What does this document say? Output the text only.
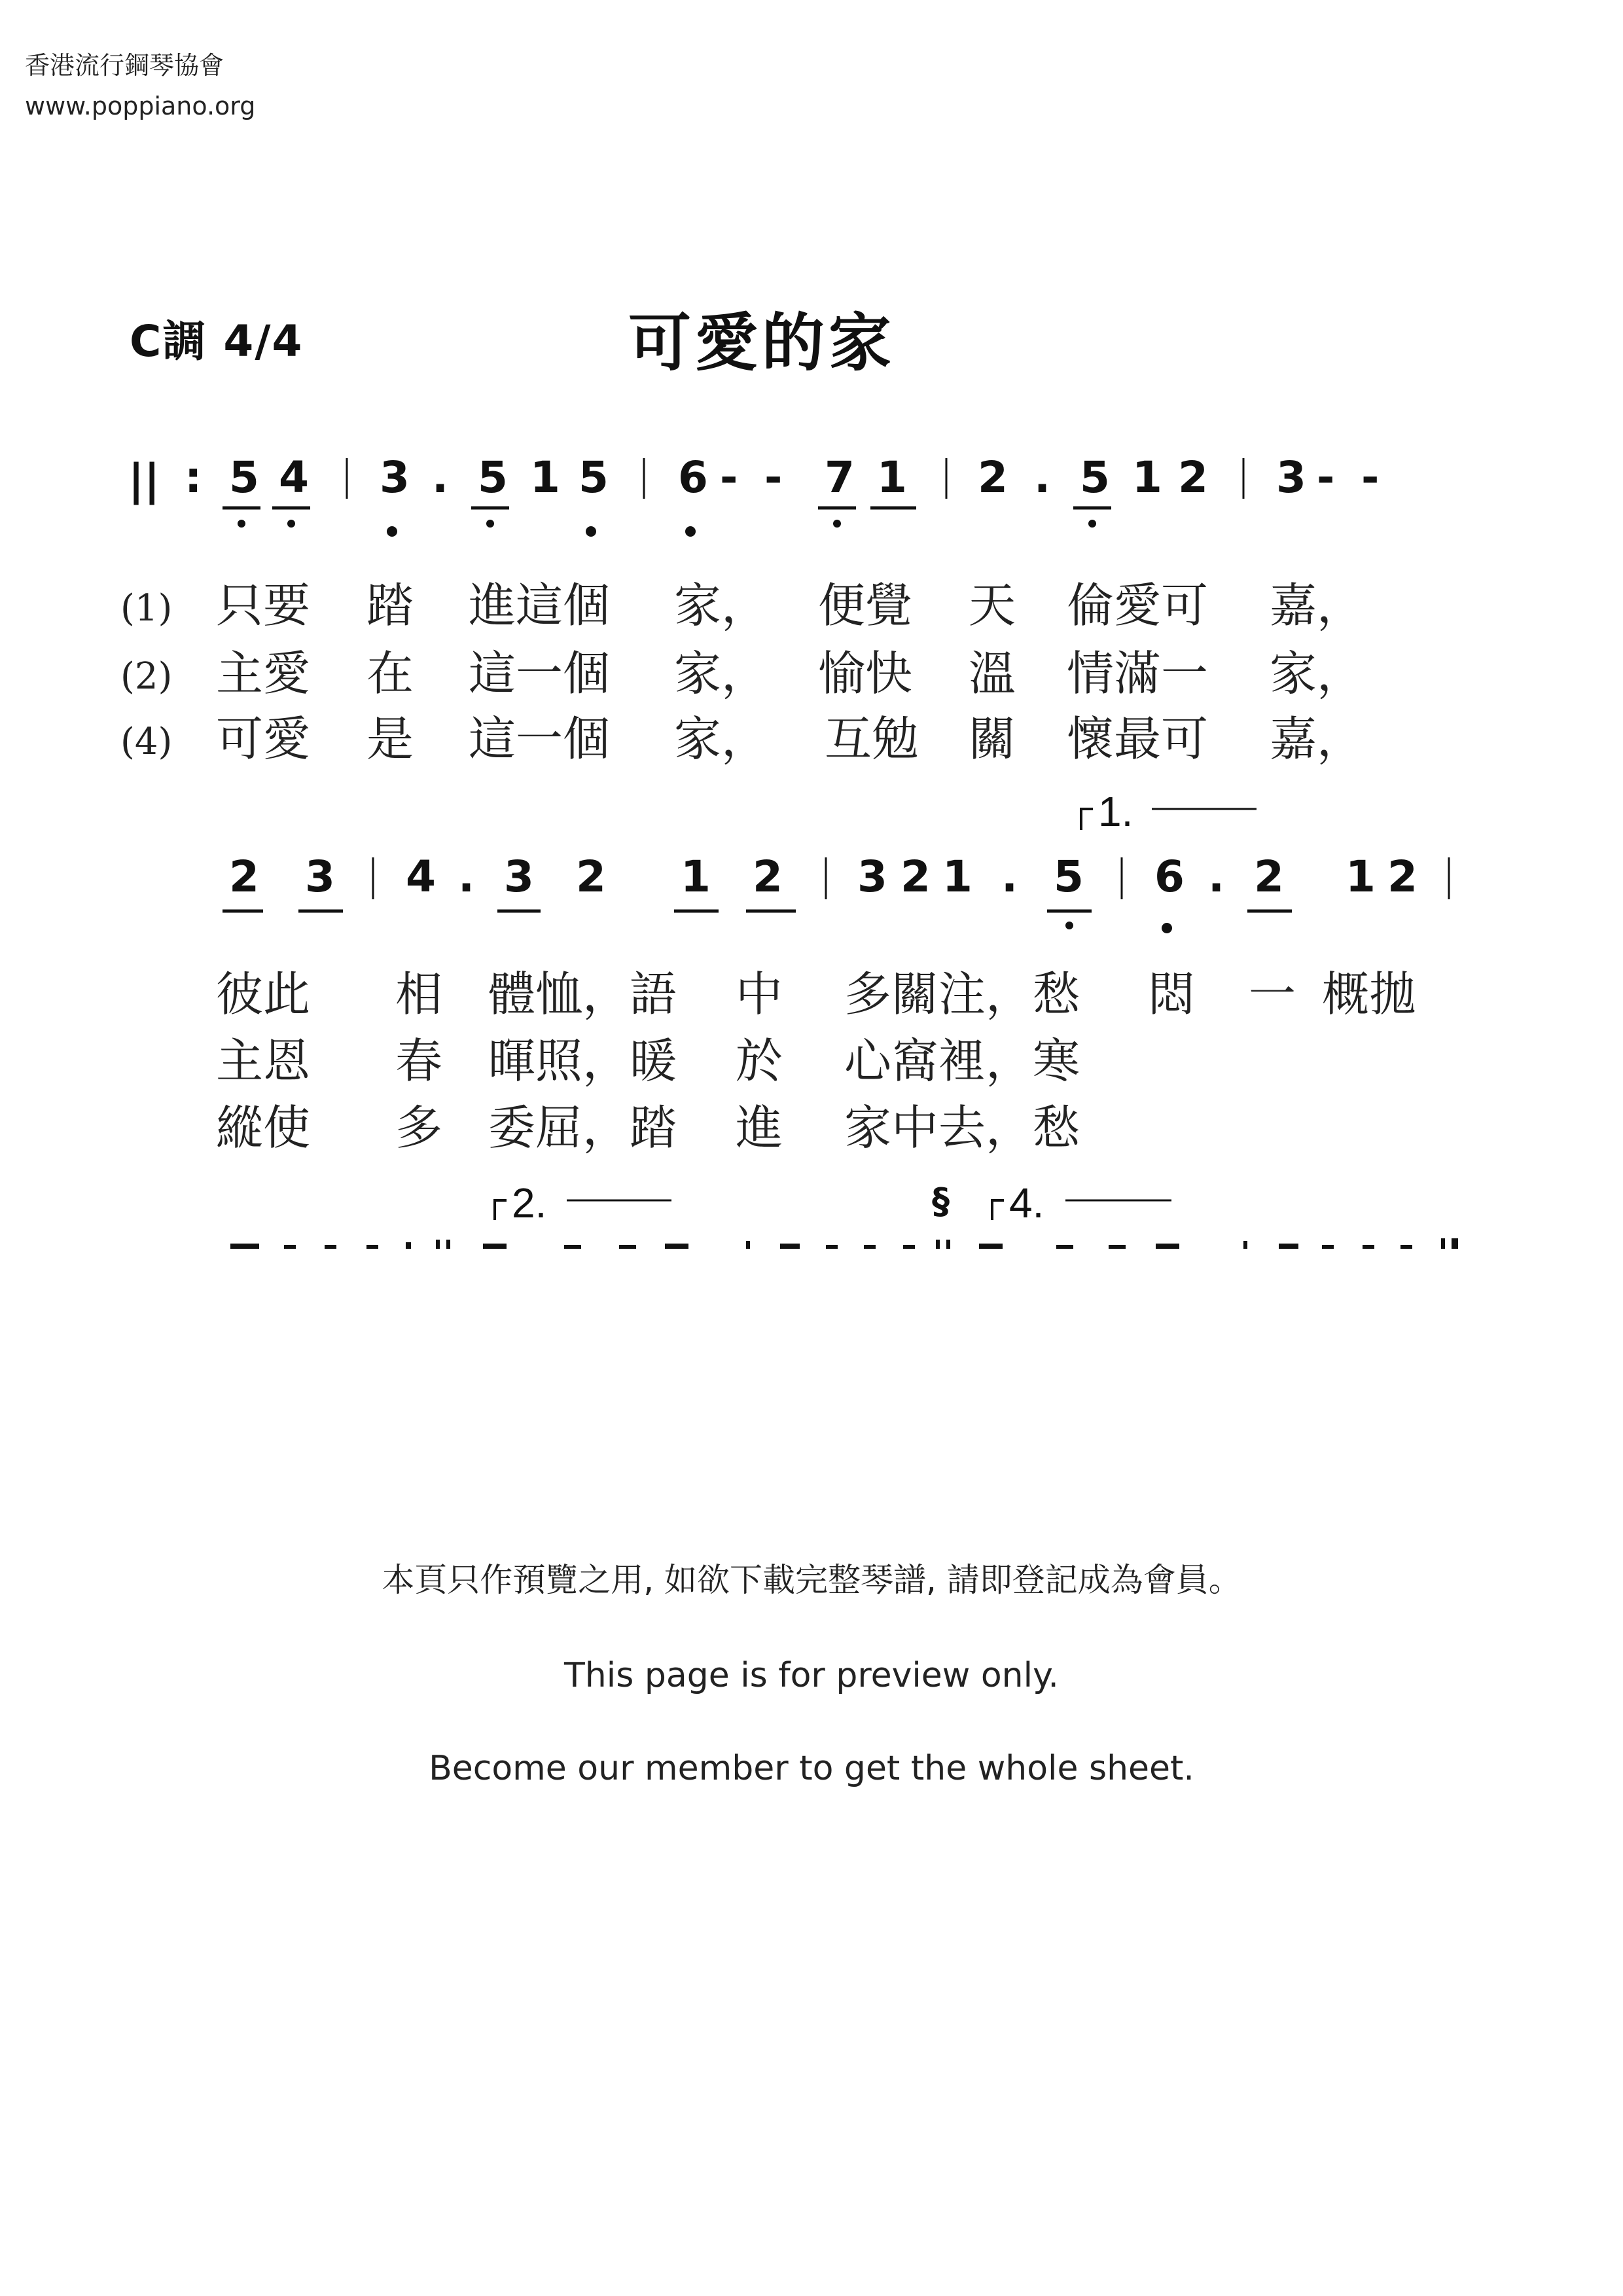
香港流行鋼琴協會
www.poppiano.org
C調 4/4	可愛的家
|| : 5 4 3 . 5 1 5 6 - - 7 1 2 . 5 1 2 3 - -
(1) 只要 踏 進這個 家， 便覺 天 倫愛可 嘉，
(2) 主愛 在 這一個 家， 愉快 溫 情滿一 家，
(4) 可愛 是 這一個 家， 互勉 關 懷最可 嘉，
1.
2 3 4 . 3 2 1 2 3 2 1 . 5 6 . 2 1 2
彼此 相 體恤，語 中 多關注，愁 悶 一 概拋
主恩 春 暉照，暖 於 心窩裡，寒
縱使 多 委屈，踏 進 家中去，愁
2.	§ 4.
本頁只作預覽之用, 如欲下載完整琴譜, 請即登記成為會員。
This page is for preview only.
Become our member to get the whole sheet.
